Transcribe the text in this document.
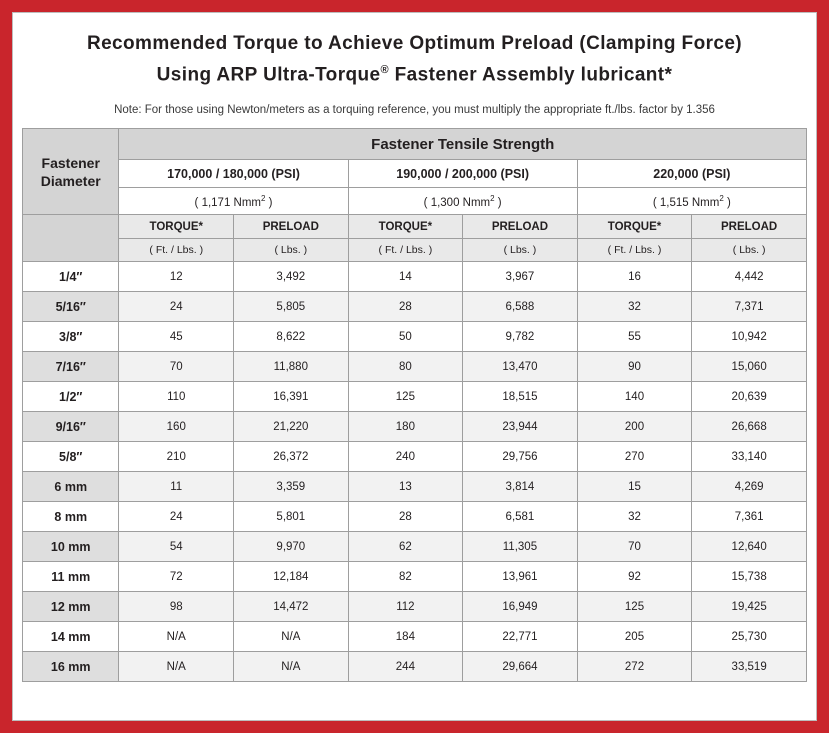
Recommended Torque to Achieve Optimum Preload (Clamping Force)
Using ARP Ultra-Torque® Fastener Assembly lubricant*
Note: For those using Newton/meters as a torquing reference, you must multiply the appropriate ft./lbs. factor by 1.356
Fastener
Diameter	Fastener Tensile Strength					
	170,000 / 180,000 (PSI)		190,000 / 200,000 (PSI)		220,000 (PSI)	
	( 1,171 Nmm$^2$ )		( 1,300 Nmm$^2$ )		( 1,515 Nmm$^2$ )	
	TORQUE*	PRELOAD	TORQUE*	PRELOAD	TORQUE*	PRELOAD
	( Ft. / Lbs. )	( Lbs. )	( Ft. / Lbs. )	( Lbs. )	( Ft. / Lbs. )	( Lbs. )
1/4″	12	3,492	14	3,967	16	4,442
5/16″	24	5,805	28	6,588	32	7,371
3/8″	45	8,622	50	9,782	55	10,942
7/16″	70	11,880	80	13,470	90	15,060
1/2″	110	16,391	125	18,515	140	20,639
9/16″	160	21,220	180	23,944	200	26,668
5/8″	210	26,372	240	29,756	270	33,140
6 mm	11	3,359	13	3,814	15	4,269
8 mm	24	5,801	28	6,581	32	7,361
10 mm	54	9,970	62	11,305	70	12,640
11 mm	72	12,184	82	13,961	92	15,738
12 mm	98	14,472	112	16,949	125	19,425
14 mm	N/A	N/A	184	22,771	205	25,730
16 mm	N/A	N/A	244	29,664	272	33,519
